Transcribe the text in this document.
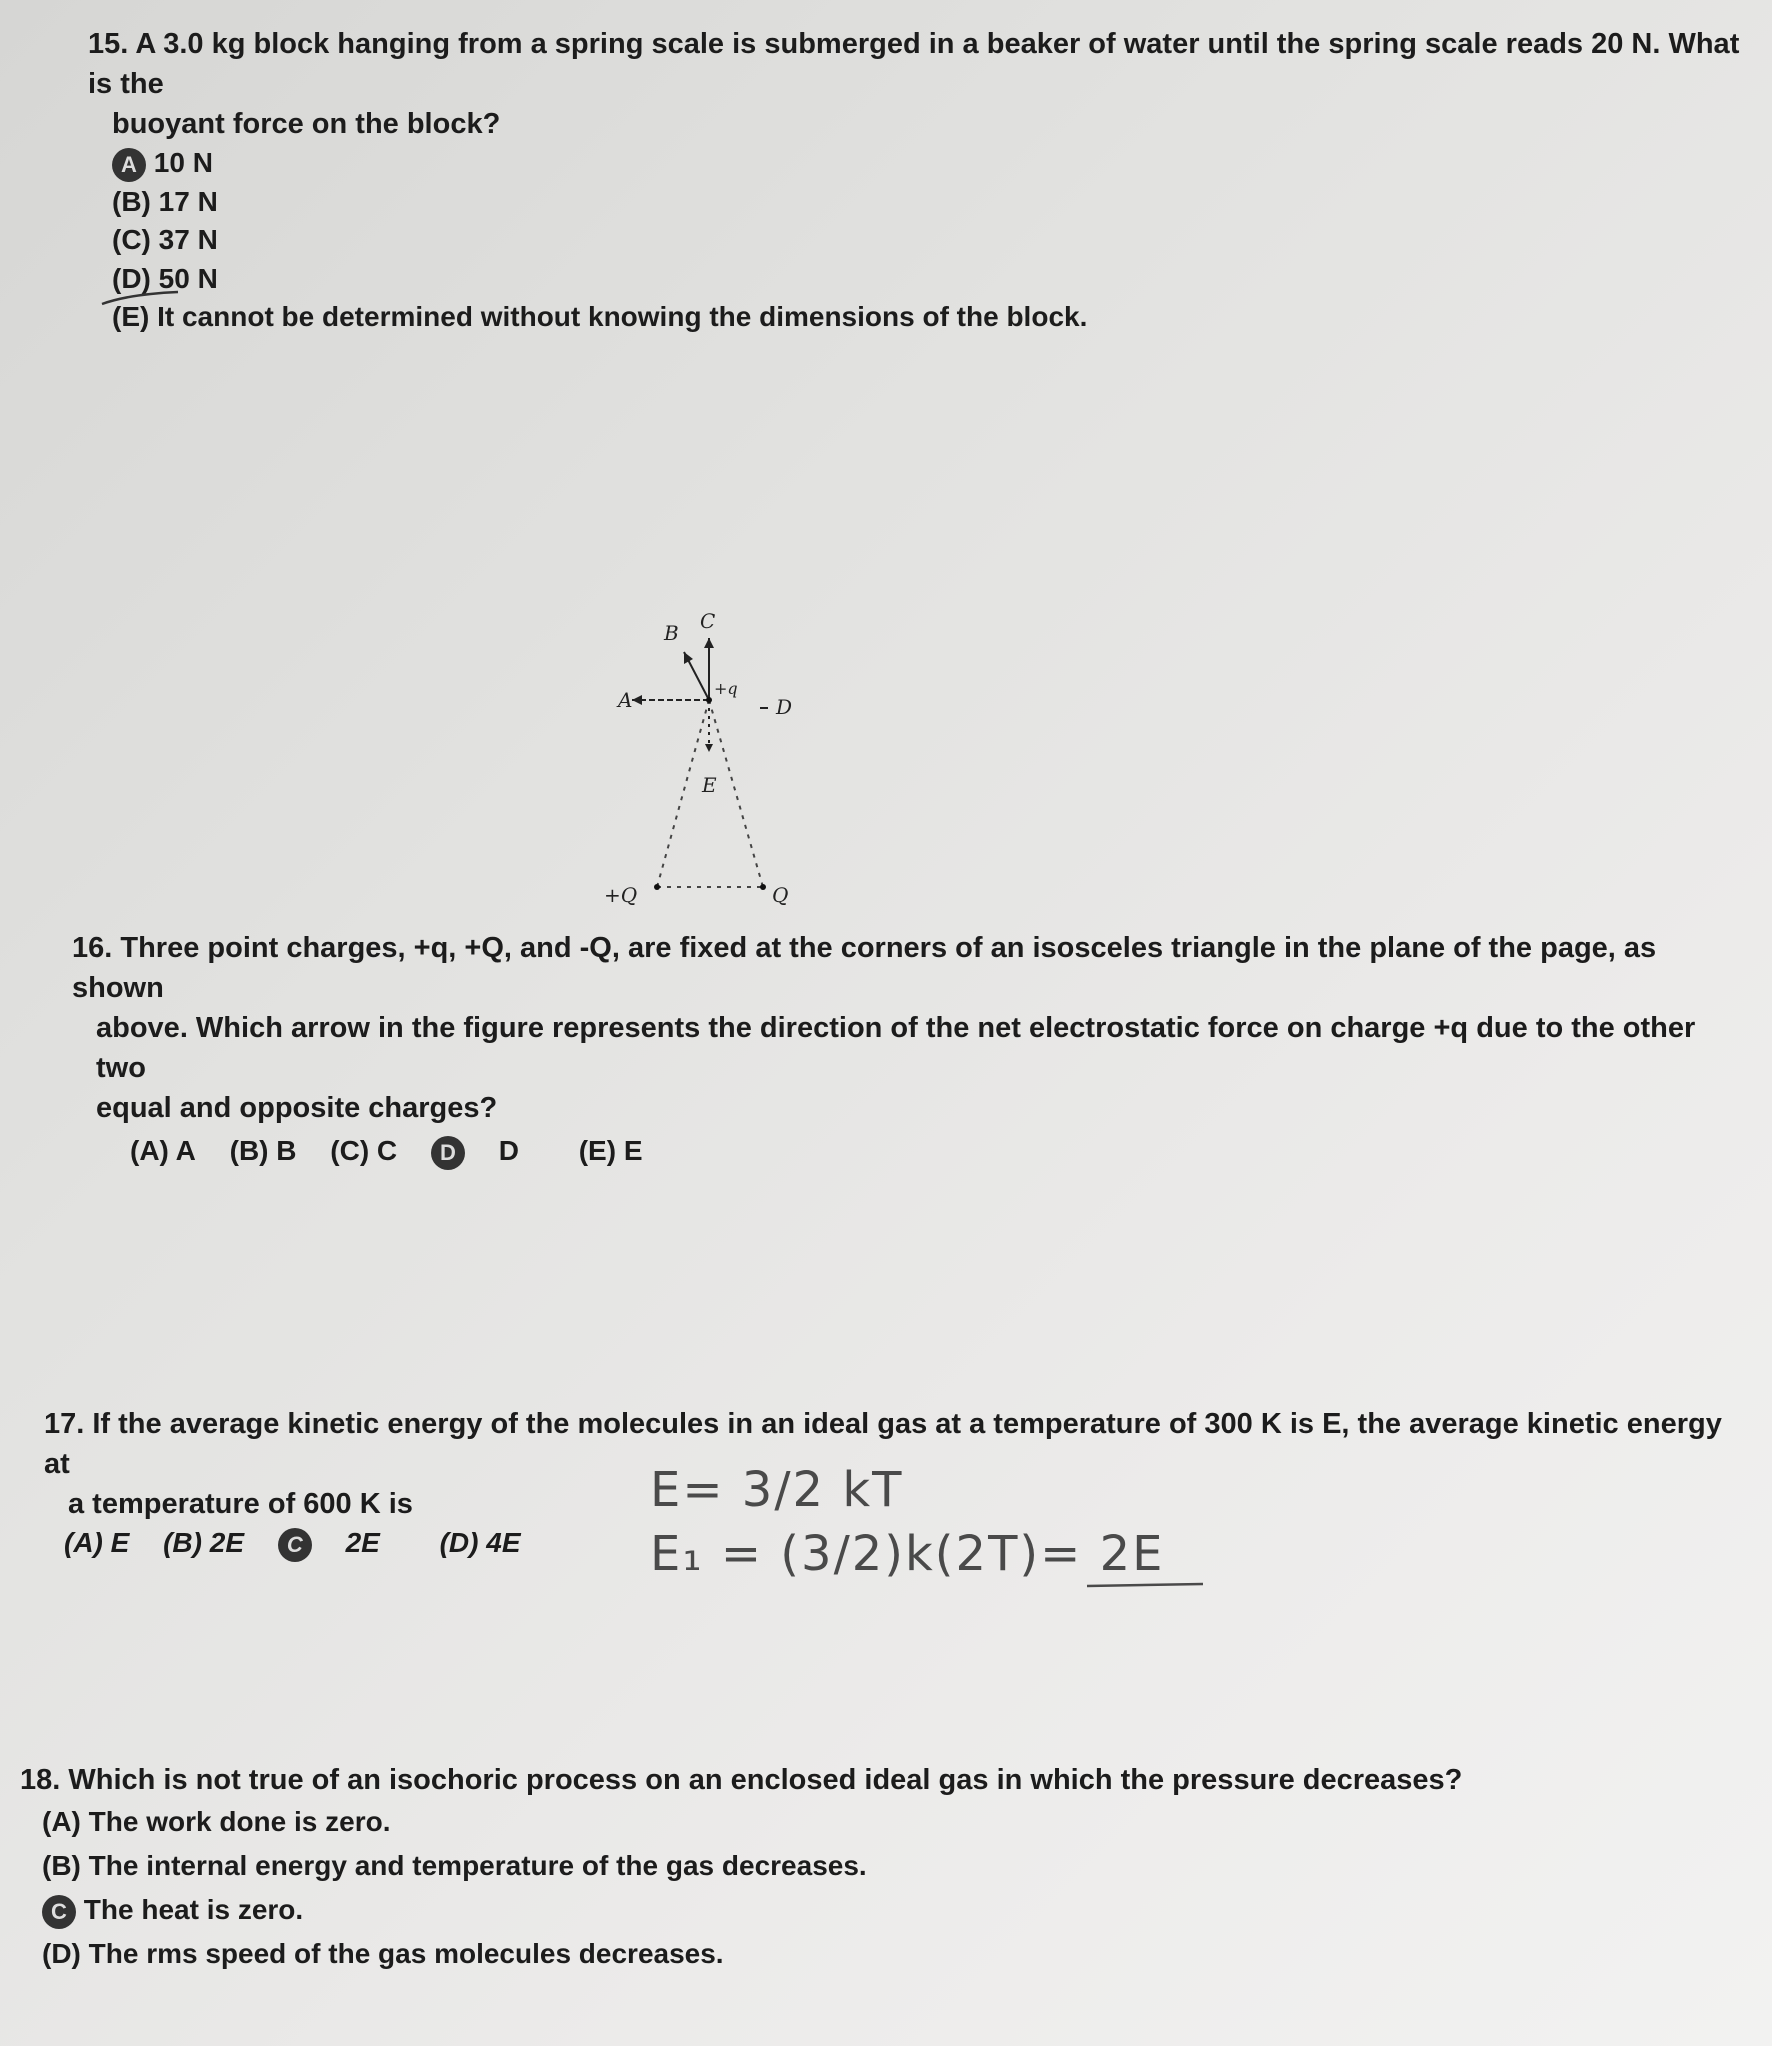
15. A 3.0 kg block hanging from a spring scale is submerged in a beaker of water until the spring scale reads 20 N. What is the

buoyant force on the block?

A 10 N
(B) 17 N
(C) 37 N
(D) 50 N
(E) It cannot be determined without knowing the dimensions of the block.
A
B C
+q
D
E
+Q	Q

16. Three point charges, +q, +Q, and -Q, are fixed at the corners of an isosceles triangle in the plane of the page, as shown

above. Which arrow in the figure represents the direction of the net electrostatic force on charge +q due to the other two

equal and opposite charges?

(A) A (B) B (C) C D D (E) E

17. If the average kinetic energy of the molecules in an ideal gas at a temperature of 300 K is E, the average kinetic energy at

a temperature of 600 K is

(A) E (B) 2E C 2E (D) 4E
E= 3/2 kT
E₁ = (3/2)k(2T)= 2E

18. Which is not true of an isochoric process on an enclosed ideal gas in which the pressure decreases?

(A) The work done is zero.
(B) The internal energy and temperature of the gas decreases.
C The heat is zero.
(D) The rms speed of the gas molecules decreases.
